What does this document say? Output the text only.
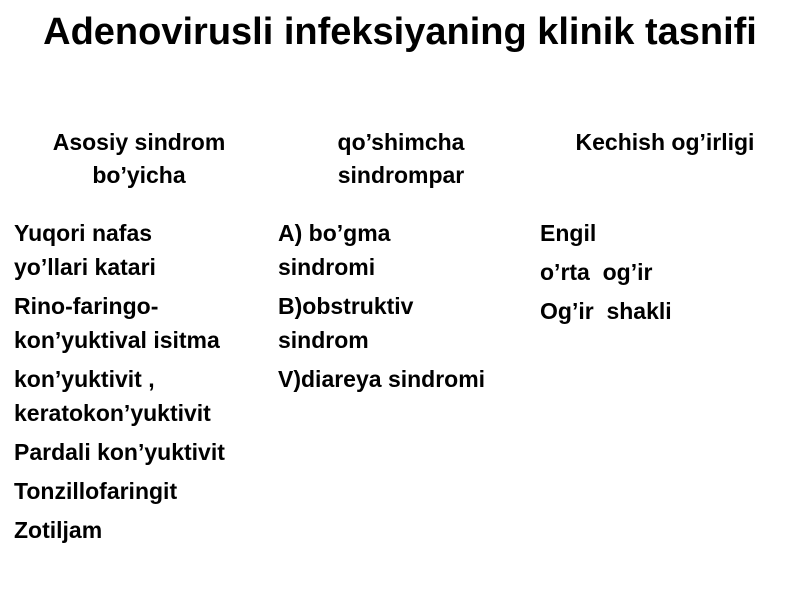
Adenovirusli infeksiyaning klinik tasnifi
Asosiy sindrom
bo’yicha
qo’shimcha
sindrompar
Kechish og’irligi
Yuqori nafas
yo’llari katari
Rino-faringo-
kon’yuktival isitma
kon’yuktivit ,
keratokon’yuktivit
Pardali kon’yuktivit
Tonzillofaringit
Zotiljam
A) bo’gma
sindromi
B)obstruktiv
sindrom
V)diareya sindromi
Engil
o’rta  og’ir
Og’ir  shakli
